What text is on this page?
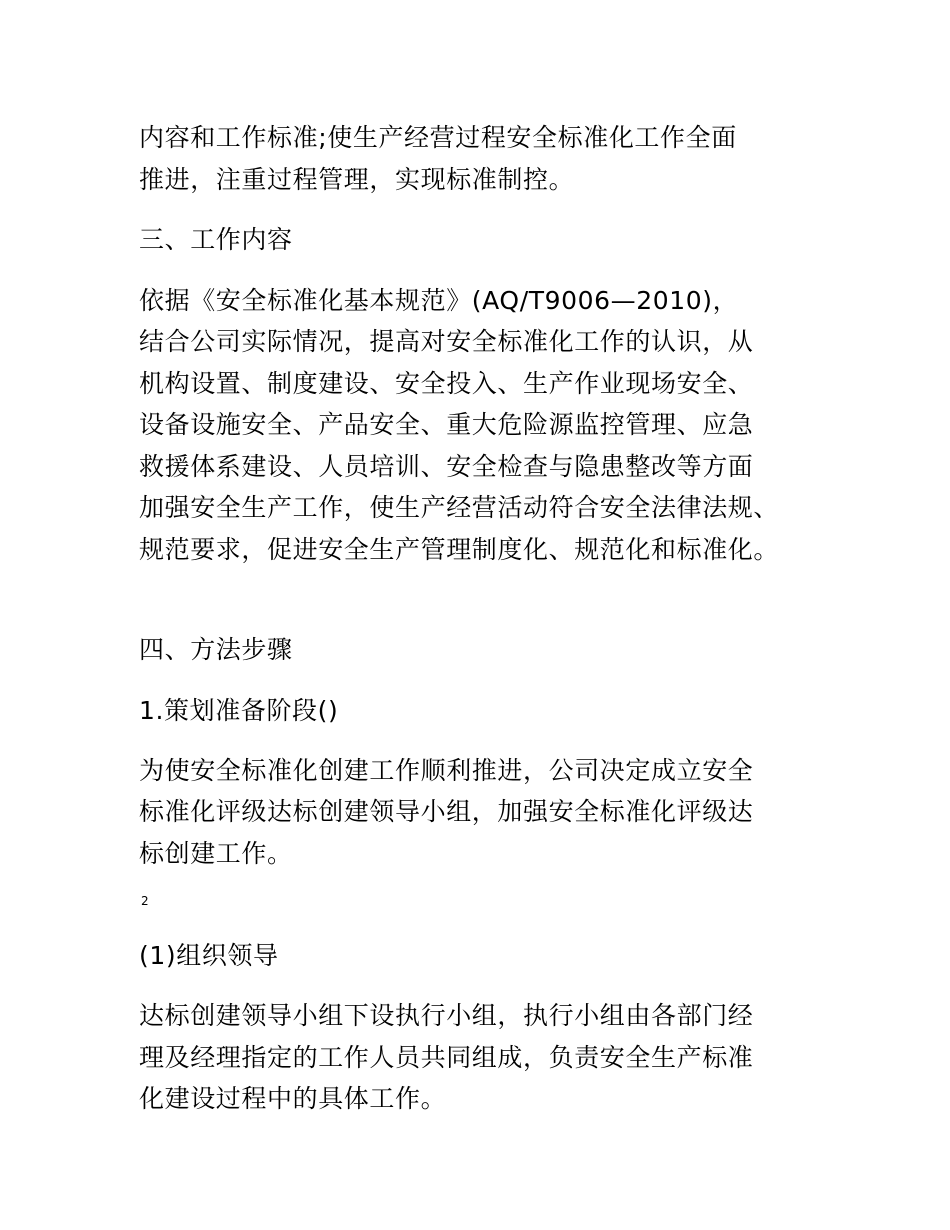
内容和工作标准;使生产经营过程安全标准化工作全面
推进，注重过程管理，实现标准制控。
三、工作内容
依据《安全标准化基本规范》(AQ/T9006—2010)，
结合公司实际情况，提高对安全标准化工作的认识，从
机构设置、制度建设、安全投入、生产作业现场安全、
设备设施安全、产品安全、重大危险源监控管理、应急
救援体系建设、人员培训、安全检查与隐患整改等方面
加强安全生产工作，使生产经营活动符合安全法律法规、
规范要求，促进安全生产管理制度化、规范化和标准化。
四、方法步骤
1.策划准备阶段()
为使安全标准化创建工作顺利推进，公司决定成立安全
标准化评级达标创建领导小组，加强安全标准化评级达
标创建工作。
2
(1)组织领导
达标创建领导小组下设执行小组，执行小组由各部门经
理及经理指定的工作人员共同组成，负责安全生产标准
化建设过程中的具体工作。
